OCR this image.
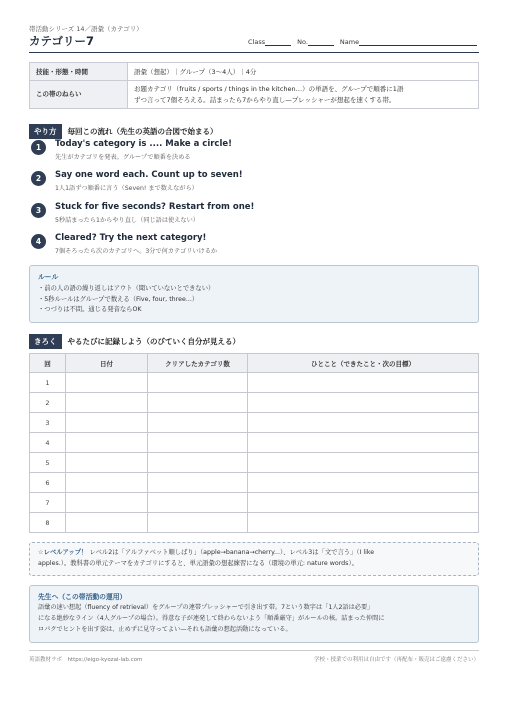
帯活動シリーズ 14／語彙（カテゴリ）
カテゴリー7	Class	No.	Name
技能・形態・時間	語彙（想起）｜グループ（3〜4人）｜4分
この帯のねらい	お題カテゴリ（fruits / sports / things in the kitchen…）の単語を、グループで順番に1語
ずつ言って7個そろえる。詰まったら7からやり直し—プレッシャーが想起を速くする帯。
やり方	毎回この流れ（先生の英語の合図で始まる）
1	Today's category is .... Make a circle!
先生がカテゴリを発表。グループで順番を決める
2	Say one word each. Count up to seven!
1人1語ずつ順番に言う（Seven! まで数えながら）
3	Stuck for five seconds? Restart from one!
5秒詰まったら1からやり直し（同じ語は使えない）
4	Cleared? Try the next category!
7個そろったら次のカテゴリへ。3分で何カテゴリいけるか
ルール
・前の人の語の繰り返しはアウト（聞いていないとできない）
・5秒ルールはグループで数える（Five, four, three...）
・つづりは不問。通じる発音ならOK
きろく	やるたびに記録しよう（のびていく自分が見える）
回	日付	クリアしたカテゴリ数	ひとこと（できたこと・次の目標）
1			
2			
3			
4			
5			
6			
7			
8			
☆レベルアップ！ レベル2は「アルファベット順しばり」（apple→banana→cherry...）、レベル3は「文で言う」（I like
apples.）。教科書の単元テーマをカテゴリにすると、単元語彙の想起練習になる（環境の単元: nature words）。
先生へ（この帯活動の運用）
語彙の速い想起（fluency of retrieval）をグループの連帯プレッシャーで引き出す帯。7という数字は「1人2語は必要」
になる絶妙なライン（4人グループの場合）。得意な子が連発して終わらないよう「順番厳守」がルールの核。詰まった仲間に
ロパクでヒントを出す姿は、止めずに見守ってよい—それも語彙の想起活動になっている。
英語教材ラボ　https://eigo-kyozai-lab.com	学校・授業での利用は自由です（再配布・販売はご遠慮ください）
